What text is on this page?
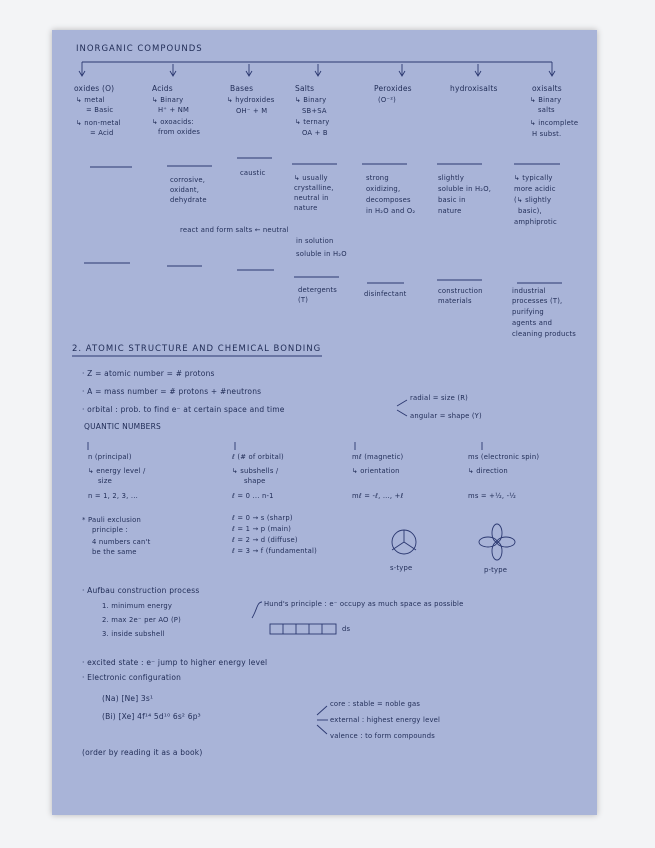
INORGANIC COMPOUNDS
oxides (O)
↳ metal
= Basic
↳ non-metal
= Acid
Acids
↳ Binary
H⁺ + NM
↳ oxoacids:
from oxides
corrosive,
oxidant,
dehydrate
Bases
↳ hydroxides
OH⁻ + M
caustic
Salts
↳ Binary
SB+SA
↳ ternary
OA + B
↳ usually
crystalline,
neutral in
nature
detergents
(T)
Peroxides
(O⁻²)
strong
oxidizing,
decomposes
in H₂O and O₂
disinfectant
hydroxisalts
slightly
soluble in H₂O,
basic in
nature
construction
materials
oxisalts
↳ Binary
salts
↳ incomplete
H subst.
↳ typically
more acidic
(↳ slightly
basic),
amphiprotic
industrial
processes (T),
purifying
agents and
cleaning products
react and form salts ← neutral
in solution
soluble in H₂O
2. ATOMIC STRUCTURE AND CHEMICAL BONDING
· Z = atomic number = # protons
· A = mass number = # protons + #neutrons
· orbital : prob. to find e⁻ at certain space and time
radial = size (R)
angular = shape (Y)
QUANTIC NUMBERS
n (principal)
↳ energy level /
size
n = 1, 2, 3, ...
ℓ (# of orbital)
↳ subshells /
shape
ℓ = 0 ... n-1
mℓ (magnetic)
↳ orientation
mℓ = -ℓ, ..., +ℓ
ms (electronic spin)
↳ direction
ms = +½, -½
* Pauli exclusion
principle :
4 numbers can't
be the same
ℓ = 0 → s (sharp)
ℓ = 1 → p (main)
ℓ = 2 → d (diffuse)
ℓ = 3 → f (fundamental)
s-type	p-type
· Aufbau construction process
1. minimum energy
2. max 2e⁻ per AO (P)
3. inside subshell
Hund's principle : e⁻ occupy as much space as possible
ds
· excited state : e⁻ jump to higher energy level
· Electronic configuration
(Na) [Ne] 3s¹
(Bi) [Xe] 4f¹⁴ 5d¹⁰ 6s² 6p³
core : stable = noble gas
external : highest energy level
valence : to form compounds
(order by reading it as a book)
